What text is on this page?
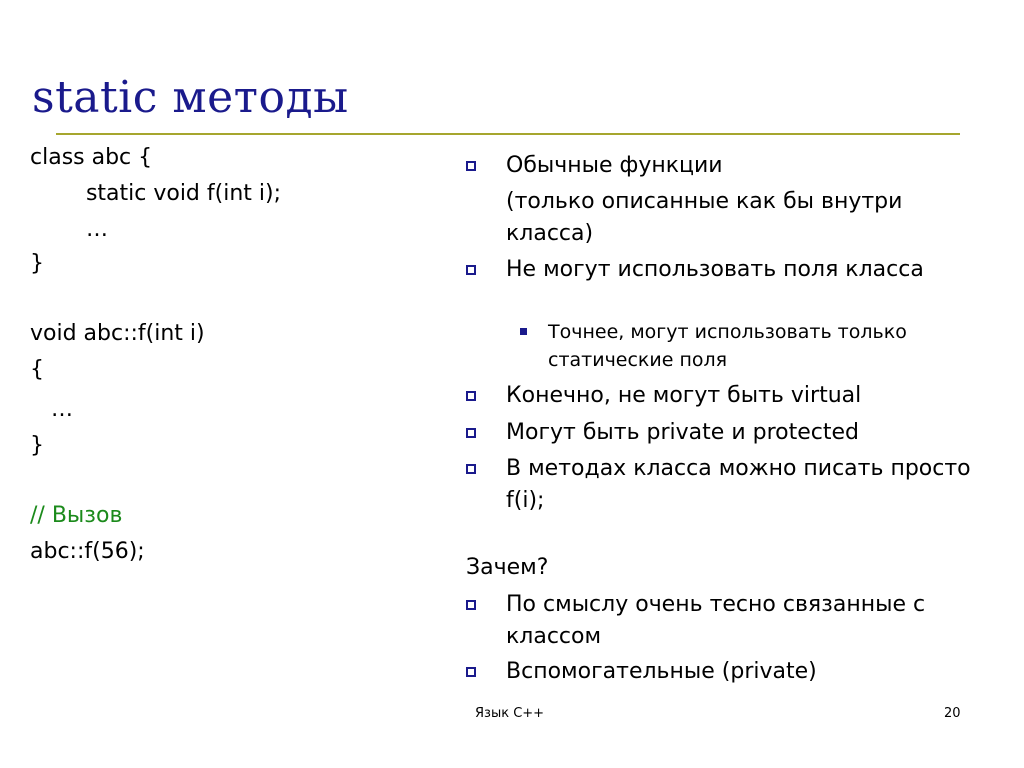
static методы
class abc {
static void f(int i);
…
}
void abc::f(int i)
{
…
}
// Вызов
abc::f(56);
Обычные функции
(только описанные как бы внутри класса)
Не могут использовать поля класса
Точнее, могут использовать только статические поля
Конечно, не могут быть virtual
Могут быть private и protected
В методах класса можно писать просто f(i);
Зачем?
По смыслу очень тесно связанные с классом
Вспомогательные (private)
Язык C++	20
